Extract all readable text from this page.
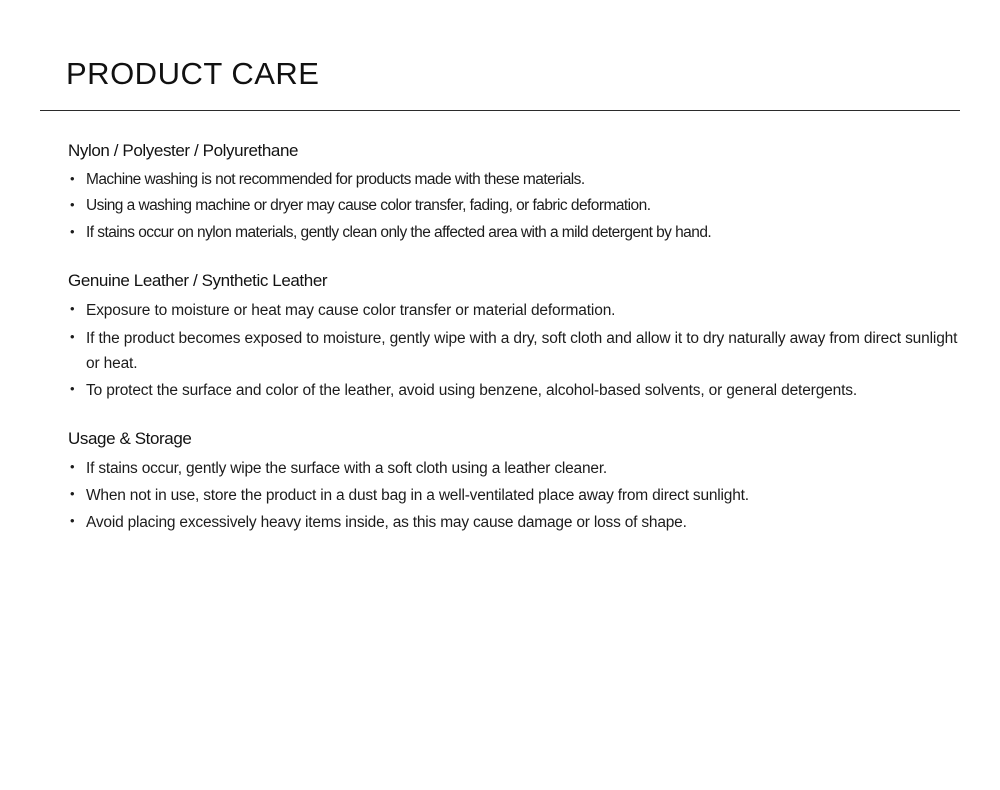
PRODUCT CARE
Nylon / Polyester / Polyurethane
• Machine washing is not recommended for products made with these materials.
• Using a washing machine or dryer may cause color transfer, fading, or fabric deformation.
• If stains occur on nylon materials, gently clean only the affected area with a mild detergent by hand.
Genuine Leather / Synthetic Leather
• Exposure to moisture or heat may cause color transfer or material deformation.
• If the product becomes exposed to moisture, gently wipe with a dry, soft cloth and allow it to dry naturally away from direct sunlight or heat.
• To protect the surface and color of the leather, avoid using benzene, alcohol-based solvents, or general detergents.
Usage & Storage
• If stains occur, gently wipe the surface with a soft cloth using a leather cleaner.
• When not in use, store the product in a dust bag in a well-ventilated place away from direct sunlight.
• Avoid placing excessively heavy items inside, as this may cause damage or loss of shape.
